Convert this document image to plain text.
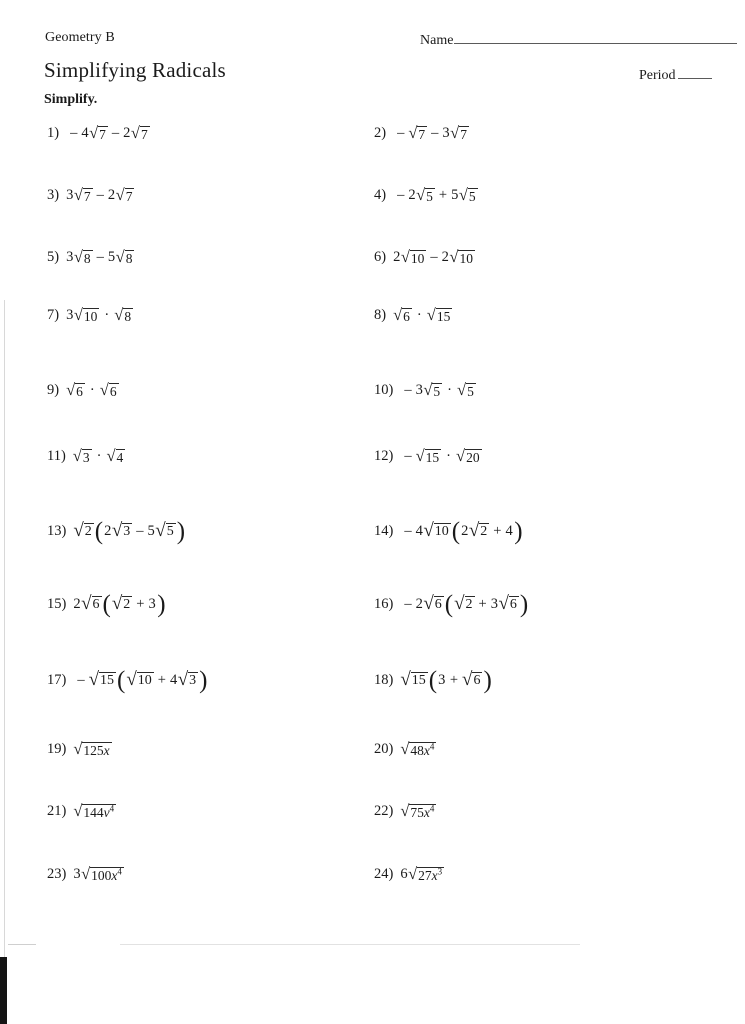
Geometry B
Simplifying Radicals
Simplify.
Name
Period
1) – 4 √ 7 – 2 √ 7	2) – √ 7 – 3 √ 7
3) 3 √ 7 – 2 √ 7	4) – 2 √ 5 + 5 √ 5
5) 3 √ 8 – 5 √ 8	6) 2 √ 10 – 2 √ 10
7) 3 √ 10 · √ 8	8) √ 6 · √ 15
9) √ 6 · √ 6	10) – 3 √ 5 · √ 5
11) √ 3 · √ 4	12) – √ 15 · √ 20
13) √ 2 ( 2 √ 3 – 5 √ 5 )	14) – 4 √ 10 ( 2 √ 2 + 4 )
15) 2 √ 6 ( √ 2 + 3 )	16) – 2 √ 6 ( √ 2 + 3 √ 6 )
17) – √ 15 ( √ 10 + 4 √ 3 )	18) √ 15 ( 3 + √ 6 )
19) √ 125x	20) √ $48x^4$
21) √ $144v^4$	22) √ $75x^4$
23) 3 √ $100x^4$	24) 6 √ $27x^3$
